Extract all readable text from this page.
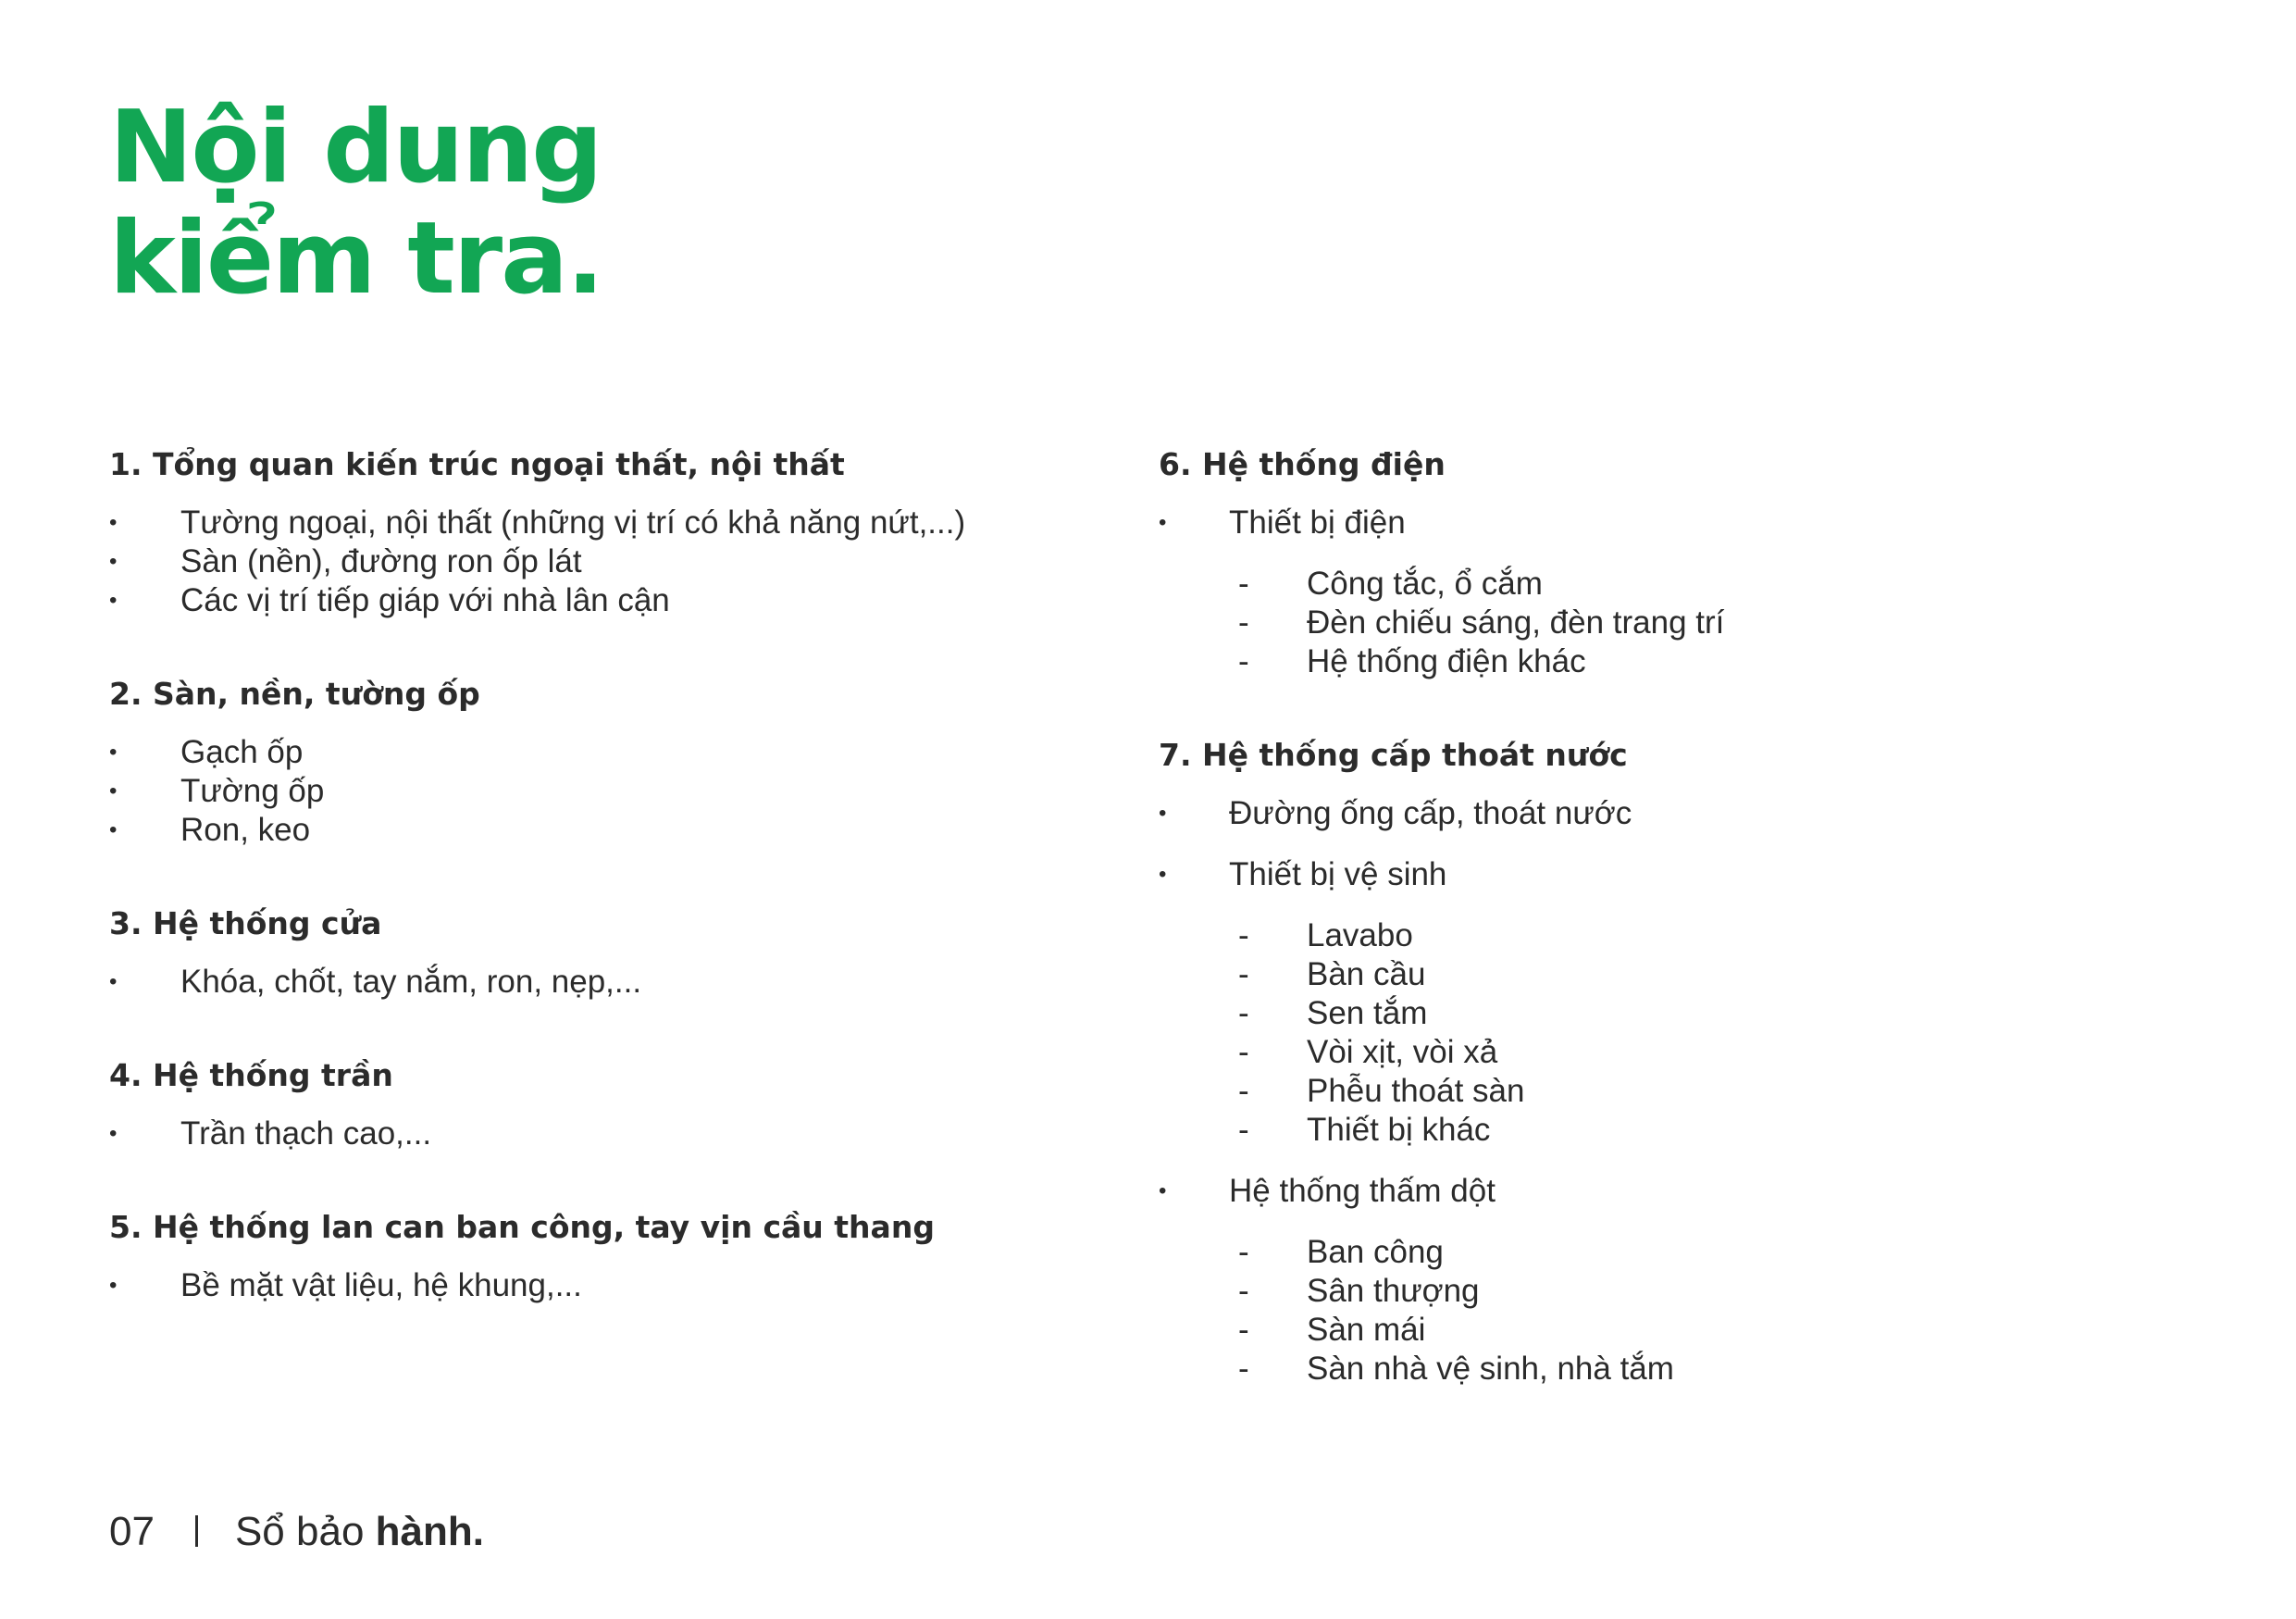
Nội dung
kiểm tra.
1. Tổng quan kiến trúc ngoại thất, nội thất
• Tường ngoại, nội thất (những vị trí có khả năng nứt,...)
• Sàn (nền), đường ron ốp lát
• Các vị trí tiếp giáp với nhà lân cận
2. Sàn, nền, tường ốp
• Gạch ốp
• Tường ốp
• Ron, keo
3. Hệ thống cửa
• Khóa, chốt, tay nắm, ron, nẹp,...
4. Hệ thống trần
• Trần thạch cao,...
5. Hệ thống lan can ban công, tay vịn cầu thang
• Bề mặt vật liệu, hệ khung,...
6. Hệ thống điện
• Thiết bị điện
- Công tắc, ổ cắm
- Đèn chiếu sáng, đèn trang trí
- Hệ thống điện khác
7. Hệ thống cấp thoát nước
• Đường ống cấp, thoát nước
• Thiết bị vệ sinh
- Lavabo
- Bàn cầu
- Sen tắm
- Vòi xịt, vòi xả
- Phễu thoát sàn
- Thiết bị khác
• Hệ thống thấm dột
- Ban công
- Sân thượng
- Sàn mái
- Sàn nhà vệ sinh, nhà tắm
07 Sổ bảo hành.
